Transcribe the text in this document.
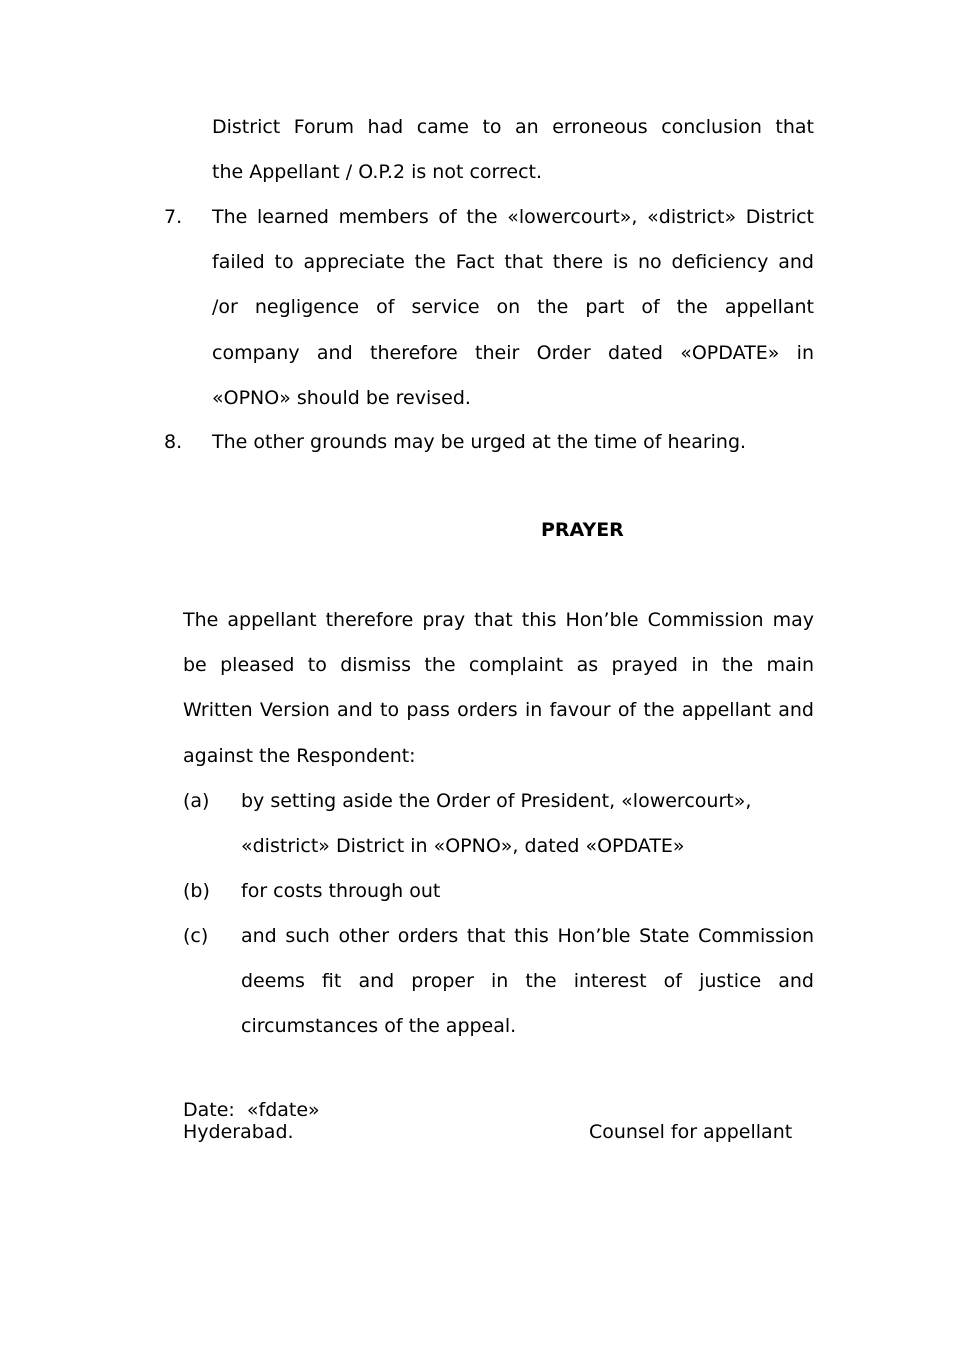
District Forum had came to an erroneous conclusion that
the Appellant / O.P.2 is not correct.
7. The learned members of the «lowercourt», «district» District
failed to appreciate the Fact that there is no deficiency and
/or negligence of service on the part of the appellant
company and therefore their Order dated «OPDATE» in
«OPNO» should be revised.
8. The other grounds may be urged at the time of hearing.
PRAYER
The appellant therefore pray that this Hon’ble Commission may
be pleased to dismiss the complaint as prayed in the main
Written Version and to pass orders in favour of the appellant and
against the Respondent:
(a) by setting aside the Order of President, «lowercourt»,
«district» District in «OPNO», dated «OPDATE»
(b) for costs through out
(c) and such other orders that this Hon’ble State Commission
deems fit and proper in the interest of justice and
circumstances of the appeal.
Date:  «fdate»
Hyderabad.	Counsel for appellant
